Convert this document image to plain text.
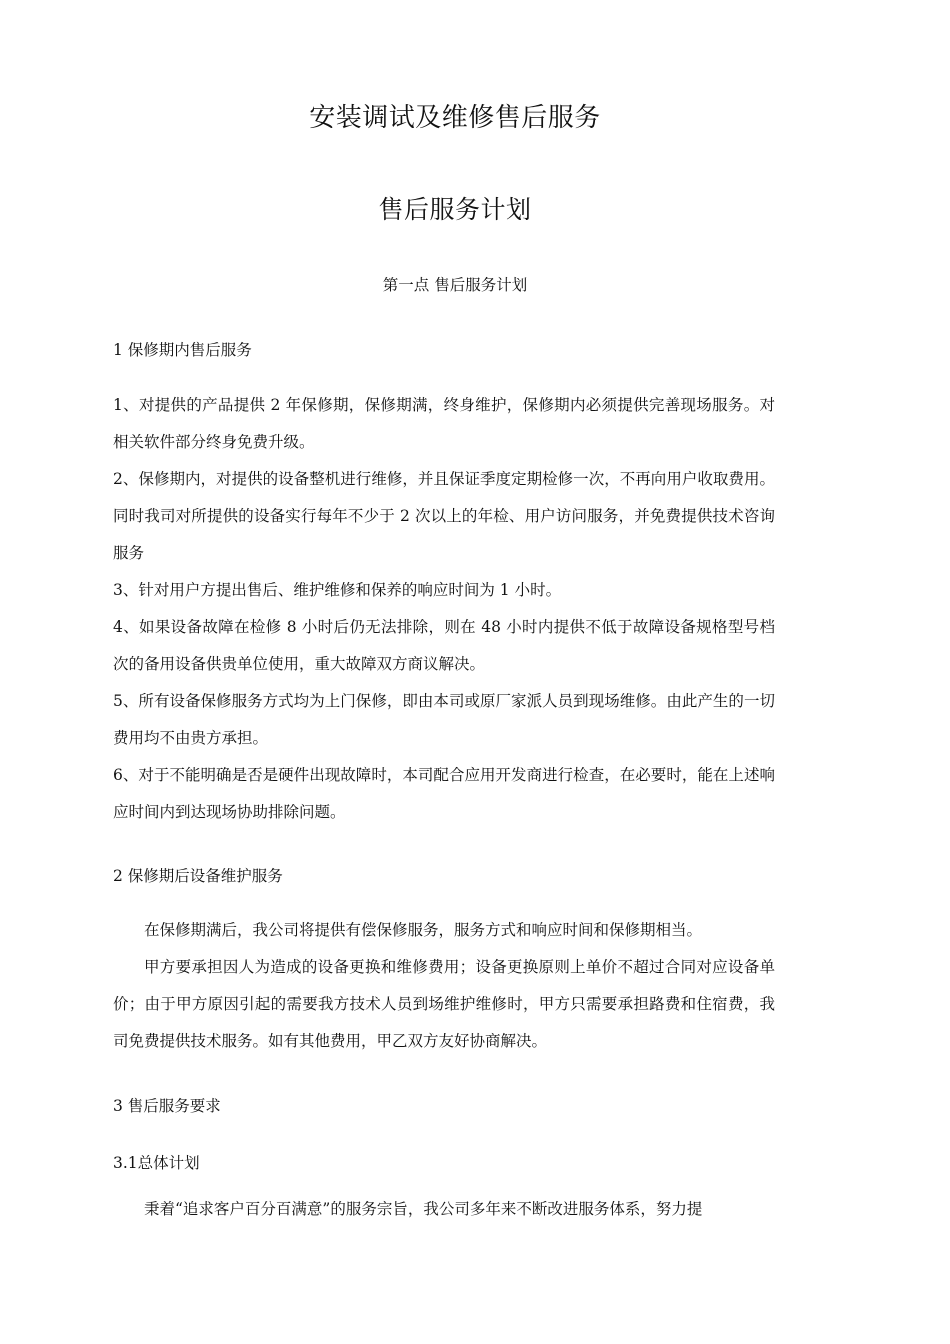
安装调试及维修售后服务
售后服务计划
第一点 售后服务计划
1 保修期内售后服务
1、对提供的产品提供 2 年保修期，保修期满，终身维护，保修期内必须提供完善现场服务。对相关软件部分终身免费升级。
2、保修期内，对提供的设备整机进行维修，并且保证季度定期检修一次，不再向用户收取费用。同时我司对所提供的设备实行每年不少于 2 次以上的年检、用户访问服务，并免费提供技术咨询服务
3、针对用户方提出售后、维护维修和保养的响应时间为 1 小时。
4、如果设备故障在检修 8 小时后仍无法排除，则在 48 小时内提供不低于故障设备规格型号档次的备用设备供贵单位使用，重大故障双方商议解决。
5、所有设备保修服务方式均为上门保修，即由本司或原厂家派人员到现场维修。由此产生的一切费用均不由贵方承担。
6、对于不能明确是否是硬件出现故障时，本司配合应用开发商进行检查，在必要时，能在上述响应时间内到达现场协助排除问题。
2 保修期后设备维护服务
在保修期满后，我公司将提供有偿保修服务，服务方式和响应时间和保修期相当。
甲方要承担因人为造成的设备更换和维修费用；设备更换原则上单价不超过合同对应设备单价；由于甲方原因引起的需要我方技术人员到场维护维修时，甲方只需要承担路费和住宿费，我司免费提供技术服务。如有其他费用，甲乙双方友好协商解决。
3 售后服务要求
3.1总体计划
秉着“追求客户百分百满意”的服务宗旨，我公司多年来不断改进服务体系，努力提
